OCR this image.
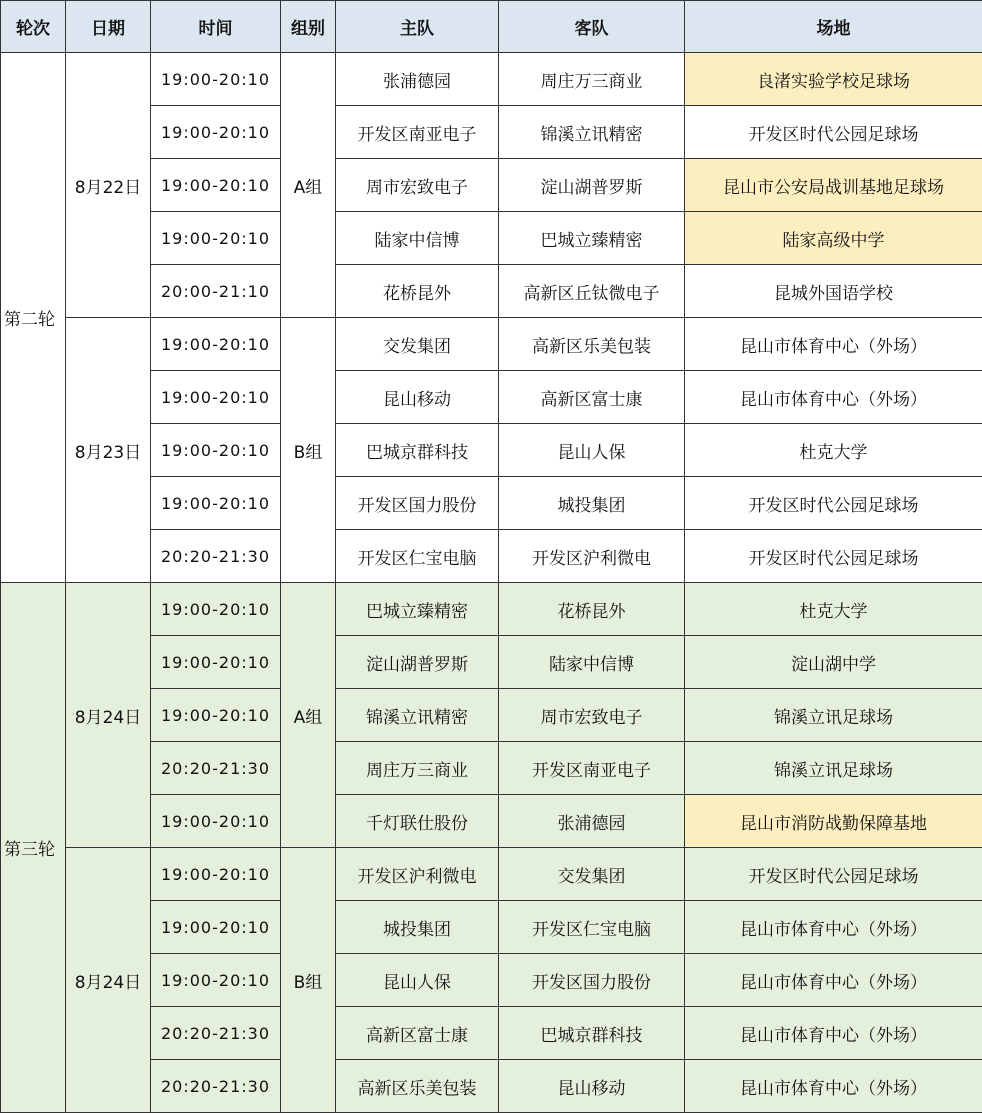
轮次	日期	时间	组别	主队	客队	场地
第二轮	8月22日	19:00-20:10	A组	张浦德园	周庄万三商业	良渚实验学校足球场
		19:00-20:10		开发区南亚电子	锦溪立讯精密	开发区时代公园足球场
		19:00-20:10		周市宏致电子	淀山湖普罗斯	昆山市公安局战训基地足球场
		19:00-20:10		陆家中信博	巴城立臻精密	陆家高级中学
		20:00-21:10		花桥昆外	高新区丘钛微电子	昆城外国语学校
	8月23日	19:00-20:10	B组	交发集团	高新区乐美包装	昆山市体育中心（外场）
		19:00-20:10		昆山移动	高新区富士康	昆山市体育中心（外场）
		19:00-20:10		巴城京群科技	昆山人保	杜克大学
		19:00-20:10		开发区国力股份	城投集团	开发区时代公园足球场
		20:20-21:30		开发区仁宝电脑	开发区沪利微电	开发区时代公园足球场
第三轮	8月24日	19:00-20:10	A组	巴城立臻精密	花桥昆外	杜克大学
		19:00-20:10		淀山湖普罗斯	陆家中信博	淀山湖中学
		19:00-20:10		锦溪立讯精密	周市宏致电子	锦溪立讯足球场
		20:20-21:30		周庄万三商业	开发区南亚电子	锦溪立讯足球场
		19:00-20:10		千灯联仕股份	张浦德园	昆山市消防战勤保障基地
	8月24日	19:00-20:10	B组	开发区沪利微电	交发集团	开发区时代公园足球场
		19:00-20:10		城投集团	开发区仁宝电脑	昆山市体育中心（外场）
		19:00-20:10		昆山人保	开发区国力股份	昆山市体育中心（外场）
		20:20-21:30		高新区富士康	巴城京群科技	昆山市体育中心（外场）
		20:20-21:30		高新区乐美包装	昆山移动	昆山市体育中心（外场）
